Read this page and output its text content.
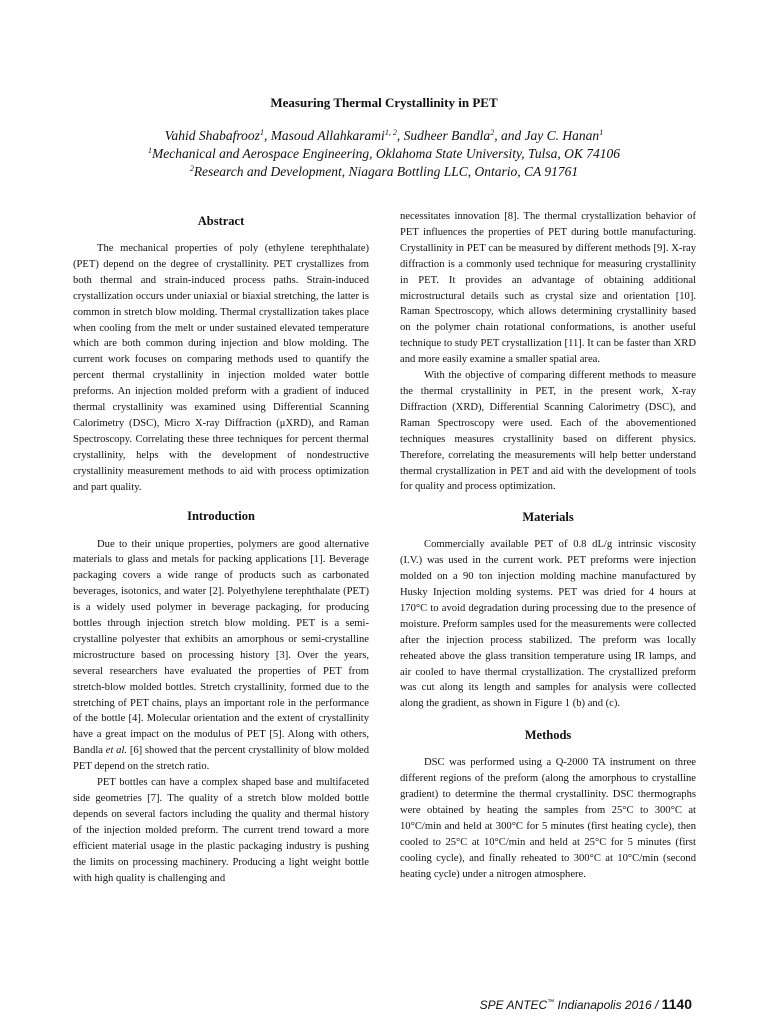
Measuring Thermal Crystallinity in PET
Vahid Shabafrooz$^1$, Masoud Allahkarami$^{1, 2}$, Sudheer Bandla$^2$, and Jay C. Hanan$^1$
$^1$Mechanical and Aerospace Engineering, Oklahoma State University, Tulsa, OK 74106
$^2$Research and Development, Niagara Bottling LLC, Ontario, CA 91761
Abstract

The mechanical properties of poly (ethylene terephthalate) (PET) depend on the degree of crystallinity. PET crystallizes from both thermal and strain-induced process paths. Strain-induced crystallization occurs under uniaxial or biaxial stretching, the latter is common in stretch blow molding. Thermal crystallization takes place when cooling from the melt or under sustained elevated temperature which are both common during injection and blow molding. The current work focuses on comparing methods used to quantify the percent thermal crystallinity in injection molded water bottle preforms. An injection molded preform with a gradient of induced thermal crystallinity was examined using Differential Scanning Calorimetry (DSC), Micro X-ray Diffraction (μXRD), and Raman Spectroscopy. Correlating these three techniques for percent thermal crystallinity, helps with the development of nondestructive crystallinity measurement methods to aid with process optimization and part quality.

Introduction

Due to their unique properties, polymers are good alternative materials to glass and metals for packing applications [1]. Beverage packaging covers a wide range of products such as carbonated beverages, isotonics, and water [2]. Polyethylene terephthalate (PET) is a widely used polymer in beverage packaging, for producing bottles through injection stretch blow molding. PET is a semi-crystalline polyester that exhibits an amorphous or semi-crystalline microstructure based on processing history [3]. Over the years, several researchers have evaluated the properties of PET from stretch-blow molded bottles. Stretch crystallinity, formed due to the stretching of PET chains, plays an important role in the performance of the bottle [4]. Molecular orientation and the extent of crystallinity have a great impact on the modulus of PET [5]. Along with others, Bandla et al. [6] showed that the percent crystallinity of blow molded PET depend on the stretch ratio.

PET bottles can have a complex shaped base and multifaceted side geometries [7]. The quality of a stretch blow molded bottle depends on several factors including the quality and thermal history of the injection molded preform. The current trend toward a more efficient material usage in the plastic packaging industry is pushing the limits on processing machinery. Producing a light weight bottle with high quality is challenging and

necessitates innovation [8]. The thermal crystallization behavior of PET influences the properties of PET during bottle manufacturing. Crystallinity in PET can be measured by different methods [9]. X-ray diffraction is a commonly used technique for measuring crystallinity in PET. It provides an advantage of obtaining additional microstructural details such as crystal size and orientation [10]. Raman Spectroscopy, which allows determining crystallinity based on the polymer chain rotational conformations, is another useful technique to study PET crystallization [11]. It can be faster than XRD and more easily examine a smaller spatial area.

With the objective of comparing different methods to measure the thermal crystallinity in PET, in the present work, X-ray Diffraction (XRD), Differential Scanning Calorimetry (DSC), and Raman Spectroscopy were used. Each of the abovementioned techniques measures crystallinity based on different physics. Therefore, correlating the measurements will help better understand thermal crystallization in PET and aid with the development of tools for quality and process optimization.

Materials

Commercially available PET of 0.8 dL/g intrinsic viscosity (I.V.) was used in the current work. PET preforms were injection molded on a 90 ton injection molding machine manufactured by Husky Injection molding systems. PET was dried for 4 hours at 170°C to avoid degradation during processing due to the presence of moisture. Preform samples used for the measurements were collected after the injection process stabilized. The preform was locally reheated above the glass transition temperature using IR lamps, and air cooled to have thermal crystallization. The crystallized preform was cut along its length and samples for analysis were collected along the gradient, as shown in Figure 1 (b) and (c).

Methods

DSC was performed using a Q-2000 TA instrument on three different regions of the preform (along the amorphous to crystalline gradient) to determine the thermal crystallinity. DSC thermographs were obtained by heating the samples from 25°C to 300°C at 10°C/min and held at 300°C for 5 minutes (first heating cycle), then cooled to 25°C at 10°C/min and held at 25°C for 5 minutes (first cooling cycle), and finally reheated to 300°C at 10°C/min (second heating cycle) under a nitrogen atmosphere.

SPE ANTEC™ Indianapolis 2016 / 1140
